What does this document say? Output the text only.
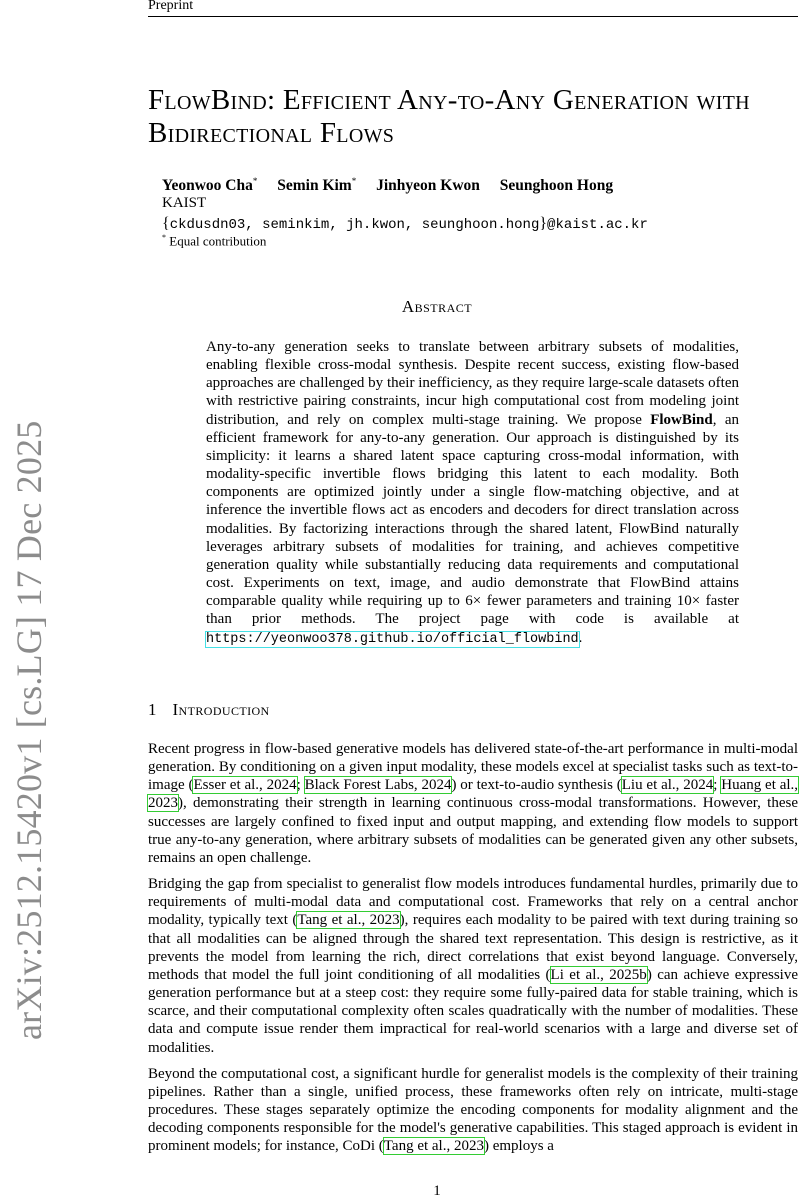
Preprint
arXiv:2512.15420v1 [cs.LG] 17 Dec 2025
FlowBind: Efficient Any-to-Any Generation with Bidirectional Flows
Yeonwoo Cha* Semin Kim* Jinhyeon Kwon Seunghoon Hong
KAIST
{ckdusdn03, seminkim, jh.kwon, seunghoon.hong}@kaist.ac.kr
* Equal contribution
Abstract
Any-to-any generation seeks to translate between arbitrary subsets of modalities, enabling flexible cross-modal synthesis. Despite recent success, existing flow-based approaches are challenged by their inefficiency, as they require large-scale datasets often with restrictive pairing constraints, incur high computational cost from modeling joint distribution, and rely on complex multi-stage training. We propose FlowBind, an efficient framework for any-to-any generation. Our approach is distinguished by its simplicity: it learns a shared latent space capturing cross-modal information, with modality-specific invertible flows bridging this latent to each modality. Both components are optimized jointly under a single flow-matching objective, and at inference the invertible flows act as encoders and decoders for direct translation across modalities. By factorizing interactions through the shared latent, FlowBind naturally leverages arbitrary subsets of modalities for training, and achieves competitive generation quality while substantially reducing data requirements and computational cost. Experiments on text, image, and audio demonstrate that FlowBind attains comparable quality while requiring up to 6× fewer parameters and training 10× faster than prior methods. The project page with code is available at https://yeonwoo378.github.io/official_flowbind.
1 Introduction

Recent progress in flow-based generative models has delivered state-of-the-art performance in multi-modal generation. By conditioning on a given input modality, these models excel at specialist tasks such as text-to-image (Esser et al., 2024; Black Forest Labs, 2024) or text-to-audio synthesis (Liu et al., 2024; Huang et al., 2023), demonstrating their strength in learning continuous cross-modal transformations. However, these successes are largely confined to fixed input and output mapping, and extending flow models to support true any-to-any generation, where arbitrary subsets of modalities can be generated given any other subsets, remains an open challenge.

Bridging the gap from specialist to generalist flow models introduces fundamental hurdles, primarily due to requirements of multi-modal data and computational cost. Frameworks that rely on a central anchor modality, typically text (Tang et al., 2023), requires each modality to be paired with text during training so that all modalities can be aligned through the shared text representation. This design is restrictive, as it prevents the model from learning the rich, direct correlations that exist beyond language. Conversely, methods that model the full joint conditioning of all modalities (Li et al., 2025b) can achieve expressive generation performance but at a steep cost: they require some fully-paired data for stable training, which is scarce, and their computational complexity often scales quadratically with the number of modalities. These data and compute issue render them impractical for real-world scenarios with a large and diverse set of modalities.

Beyond the computational cost, a significant hurdle for generalist models is the complexity of their training pipelines. Rather than a single, unified process, these frameworks often rely on intricate, multi-stage procedures. These stages separately optimize the encoding components for modality alignment and the decoding components responsible for the model's generative capabilities. This staged approach is evident in prominent models; for instance, CoDi (Tang et al., 2023) employs a

1
